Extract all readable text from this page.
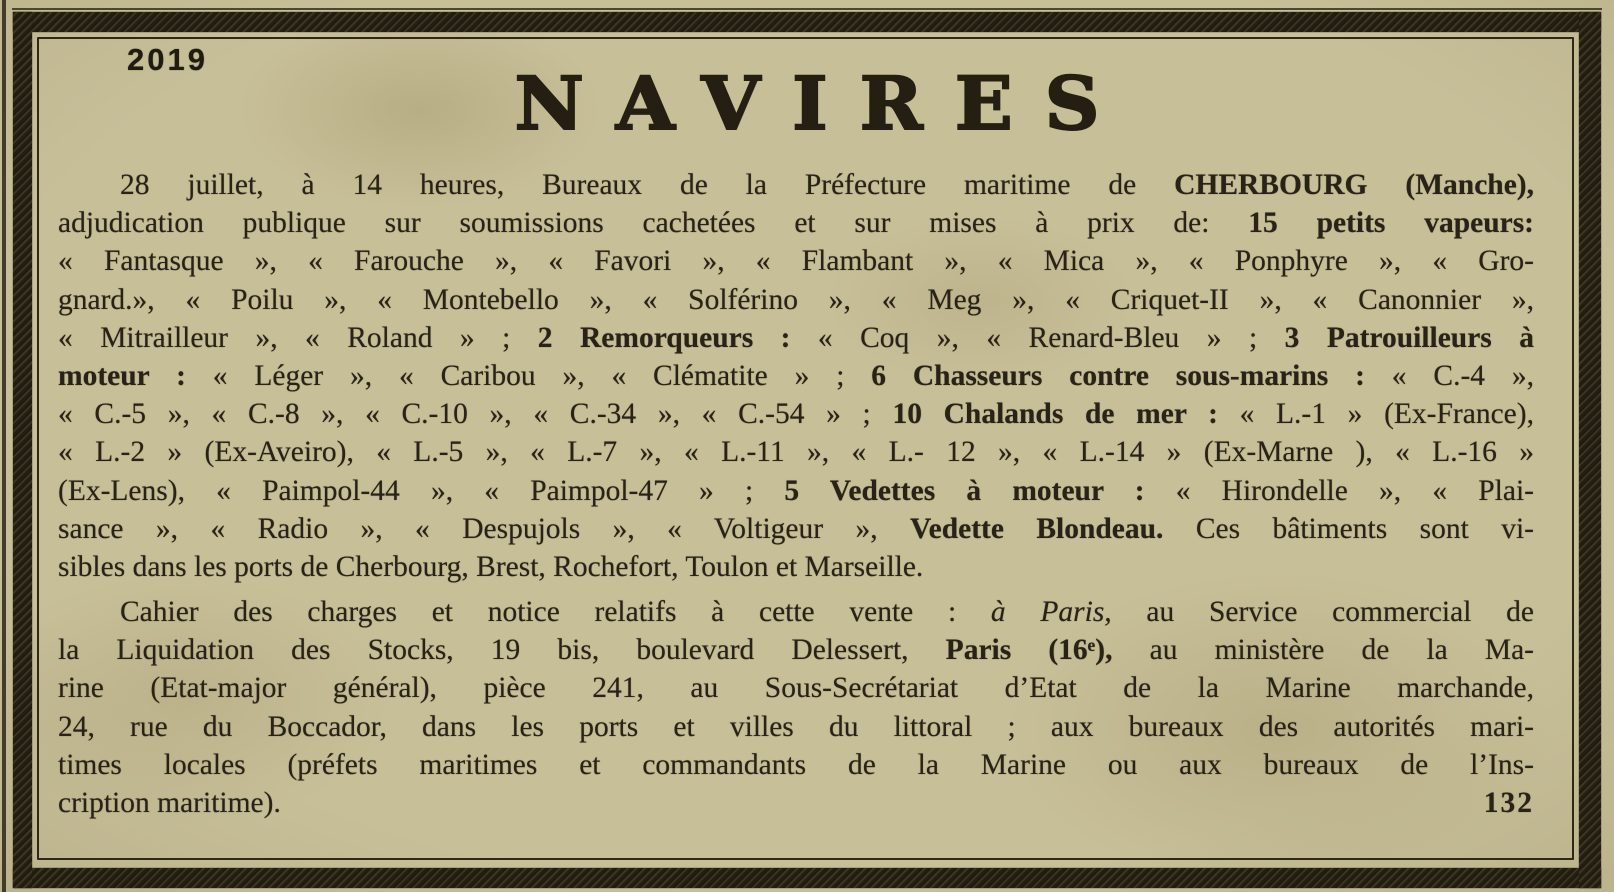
2019
NAVIRES
28 juillet, à 14 heures, Bureaux de la Préfecture maritime de CHERBOURG (Manche),
adjudication publique sur soumissions cachetées et sur mises à prix de: 15 petits vapeurs:
« Fantasque », « Farouche », « Favori », « Flambant », « Mica », « Ponphyre », « Gro-
gnard.», « Poilu », « Montebello », « Solférino », « Meg », « Criquet-II », « Canonnier »,
« Mitrailleur », « Roland » ; 2 Remorqueurs : « Coq », « Renard-Bleu » ; 3 Patrouilleurs à
moteur : « Léger », « Caribou », « Clématite » ; 6 Chasseurs contre sous-marins : « C.-4 »,
« C.-5 », « C.-8 », « C.-10 », « C.-34 », « C.-54 » ; 10 Chalands de mer : « L.-1 » (Ex-France),
« L.-2 » (Ex-Aveiro), « L.-5 », « L.-7 », « L.-11 », « L.- 12 », « L.-14 » (Ex-Marne ), « L.-16 »
(Ex-Lens), « Paimpol-44 », « Paimpol-47 » ; 5 Vedettes à moteur : « Hirondelle », « Plai-
sance », « Radio », « Despujols », « Voltigeur », Vedette Blondeau. Ces bâtiments sont vi-
sibles dans les ports de Cherbourg, Brest, Rochefort, Toulon et Marseille.
Cahier des charges et notice relatifs à cette vente : à Paris, au Service commercial de
la Liquidation des Stocks, 19 bis, boulevard Delessert, Paris (16ᵉ), au ministère de la Ma-
rine (Etat-major général), pièce 241, au Sous-Secrétariat d’Etat de la Marine marchande,
24, rue du Boccador, dans les ports et villes du littoral ; aux bureaux des autorités mari-
times locales (préfets maritimes et commandants de la Marine ou aux bureaux de l’Ins-
cription maritime).	132
